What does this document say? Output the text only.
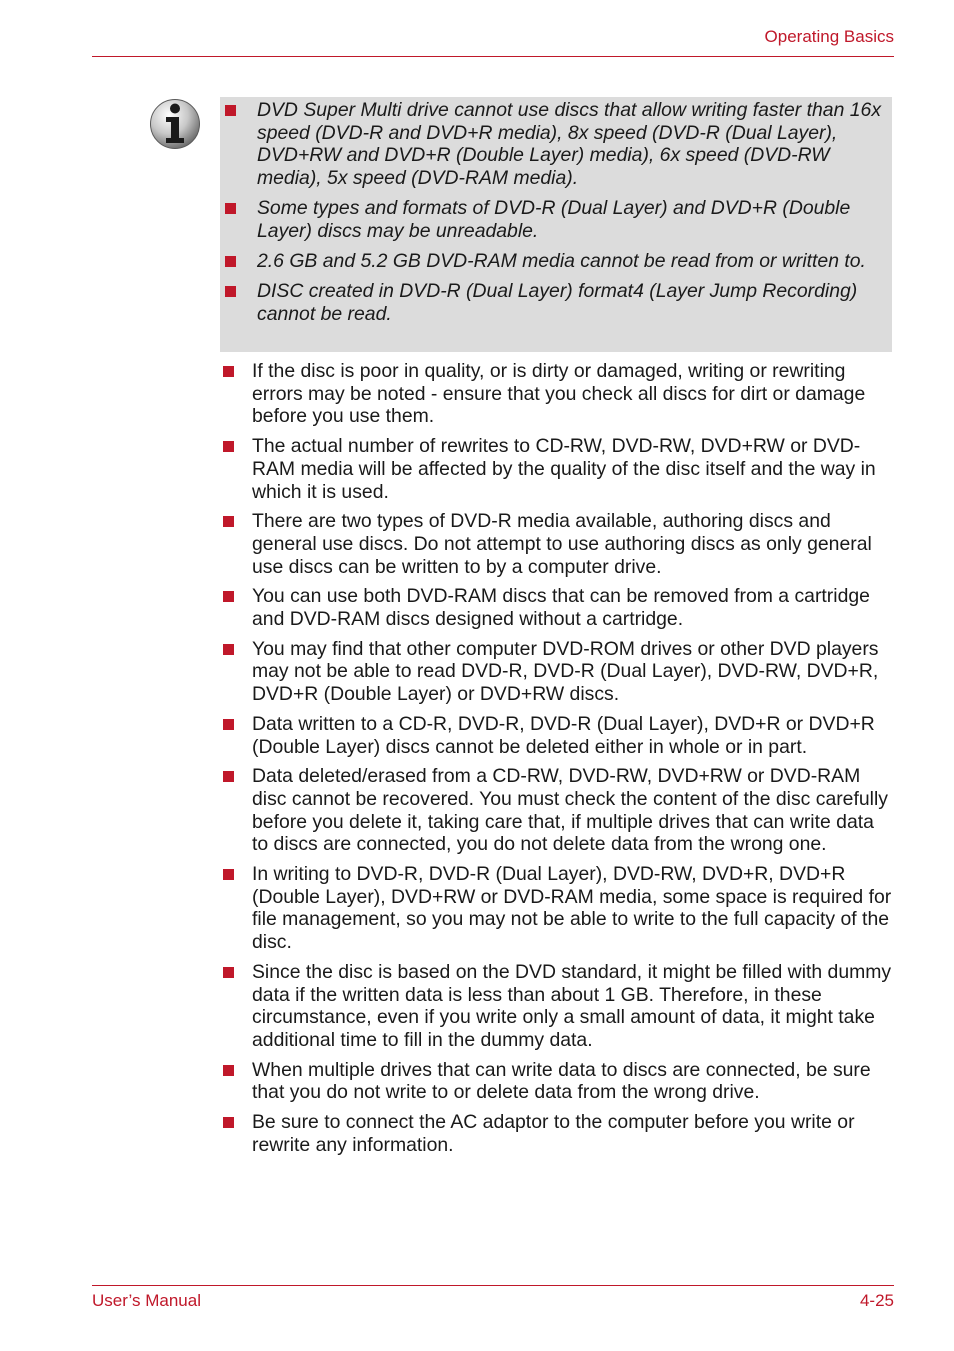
Operating Basics
DVD Super Multi drive cannot use discs that allow writing faster than 16x speed (DVD-R and DVD+R media), 8x speed (DVD-R (Dual Layer), DVD+RW and DVD+R (Double Layer) media), 6x speed (DVD-RW media), 5x speed (DVD-RAM media).
Some types and formats of DVD-R (Dual Layer) and DVD+R (Double Layer) discs may be unreadable.
2.6 GB and 5.2 GB DVD-RAM media cannot be read from or written to.
DISC created in DVD-R (Dual Layer) format4 (Layer Jump Recording) cannot be read.
If the disc is poor in quality, or is dirty or damaged, writing or rewriting errors may be noted - ensure that you check all discs for dirt or damage before you use them.
The actual number of rewrites to CD-RW, DVD-RW, DVD+RW or DVD-RAM media will be affected by the quality of the disc itself and the way in which it is used.
There are two types of DVD-R media available, authoring discs and general use discs. Do not attempt to use authoring discs as only general use discs can be written to by a computer drive.
You can use both DVD-RAM discs that can be removed from a cartridge and DVD-RAM discs designed without a cartridge.
You may find that other computer DVD-ROM drives or other DVD players may not be able to read DVD-R, DVD-R (Dual Layer), DVD-RW, DVD+R, DVD+R (Double Layer) or DVD+RW discs.
Data written to a CD-R, DVD-R, DVD-R (Dual Layer), DVD+R or DVD+R (Double Layer) discs cannot be deleted either in whole or in part.
Data deleted/erased from a CD-RW, DVD-RW, DVD+RW or DVD-RAM disc cannot be recovered. You must check the content of the disc carefully before you delete it, taking care that, if multiple drives that can write data to discs are connected, you do not delete data from the wrong one.
In writing to DVD-R, DVD-R (Dual Layer), DVD-RW, DVD+R, DVD+R (Double Layer), DVD+RW or DVD-RAM media, some space is required for file management, so you may not be able to write to the full capacity of the disc.
Since the disc is based on the DVD standard, it might be filled with dummy data if the written data is less than about 1 GB. Therefore, in these circumstance, even if you write only a small amount of data, it might take additional time to fill in the dummy data.
When multiple drives that can write data to discs are connected, be sure that you do not write to or delete data from the wrong drive.
Be sure to connect the AC adaptor to the computer before you write or rewrite any information.
User’s Manual	4-25
